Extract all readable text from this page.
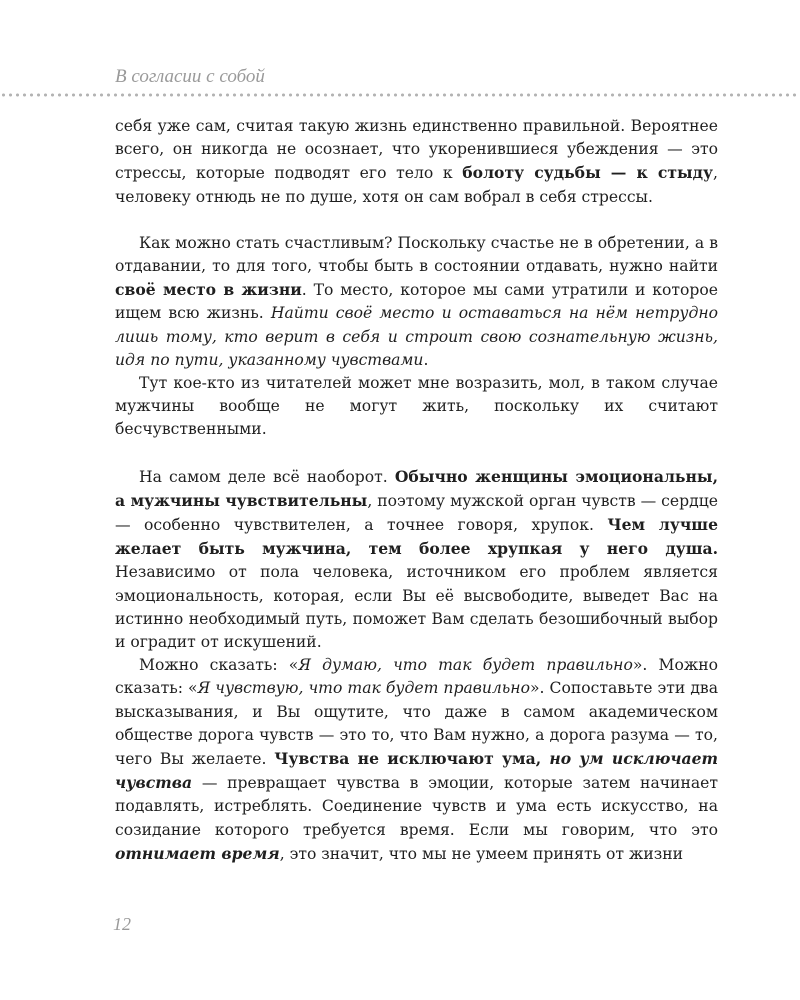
В согласии с собой

себя уже сам, считая такую жизнь единственно правильной. Вероятнее всего, он никогда не осознает, что укоренившиеся убеждения — это стрессы, которые подводят его тело к болоту судьбы — к стыду, человеку отнюдь не по душе, хотя он сам вобрал в себя стрессы.

Как можно стать счастливым? Поскольку счастье не в обретении, а в отдавании, то для того, чтобы быть в состоянии отдавать, нужно найти своё место в жизни. То место, которое мы сами утратили и которое ищем всю жизнь. Найти своё место и оставаться на нём нетрудно лишь тому, кто верит в себя и строит свою сознательную жизнь, идя по пути, указанному чувствами.

Тут кое-кто из читателей может мне возразить, мол, в таком случае мужчины вообще не могут жить, поскольку их считают бесчувственными.

На самом деле всё наоборот. Обычно женщины эмоциональны, а мужчины чувствительны, поэтому мужской орган чувств — сердце — особенно чувствителен, а точнее говоря, хрупок. Чем лучше желает быть мужчина, тем более хрупкая у него душа. Независимо от пола человека, источником его проблем является эмоциональность, которая, если Вы её высвободите, выведет Вас на истинно необходимый путь, поможет Вам сделать безошибочный выбор и оградит от искушений.

Можно сказать: «Я думаю, что так будет правильно». Можно сказать: «Я чувствую, что так будет правильно». Сопоставьте эти два высказывания, и Вы ощутите, что даже в самом академическом обществе дорога чувств — это то, что Вам нужно, а дорога разума — то, чего Вы желаете. Чувства не исключают ума, но ум исключает чувства — превращает чувства в эмоции, которые затем начинает подавлять, истреблять. Соединение чувств и ума есть искусство, на созидание которого требуется время. Если мы говорим, что это отнимает время, это значит, что мы не умеем принять от жизни

12
